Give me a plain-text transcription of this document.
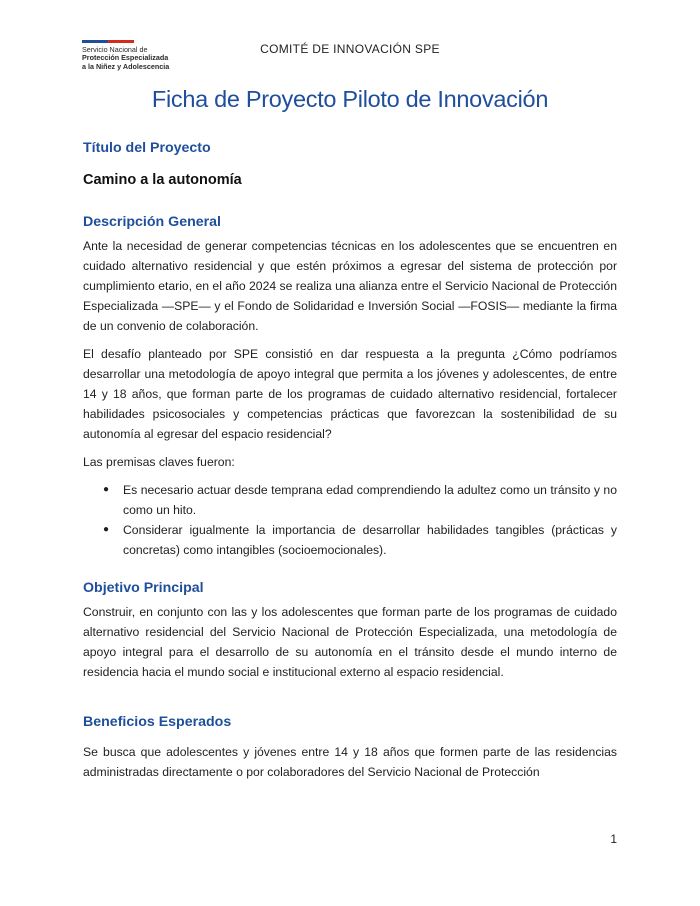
Servicio Nacional de
Protección Especializada
a la Niñez y Adolescencia
COMITÉ DE INNOVACIÓN SPE
Ficha de Proyecto Piloto de Innovación
Título del Proyecto
Camino a la autonomía
Descripción General

Ante la necesidad de generar competencias técnicas en los adolescentes que se encuentren en cuidado alternativo residencial y que estén próximos a egresar del sistema de protección por cumplimiento etario, en el año 2024 se realiza una alianza entre el Servicio Nacional de Protección Especializada —SPE— y el Fondo de Solidaridad e Inversión Social —FOSIS— mediante la firma de un convenio de colaboración.

El desafío planteado por SPE consistió en dar respuesta a la pregunta ¿Cómo podríamos desarrollar una metodología de apoyo integral que permita a los jóvenes y adolescentes, de entre 14 y 18 años, que forman parte de los programas de cuidado alternativo residencial, fortalecer habilidades psicosociales y competencias prácticas que favorezcan la sostenibilidad de su autonomía al egresar del espacio residencial?

Las premisas claves fueron:

● Es necesario actuar desde temprana edad comprendiendo la adultez como un tránsito y no como un hito.
● Considerar igualmente la importancia de desarrollar habilidades tangibles (prácticas y concretas) como intangibles (socioemocionales).
Objetivo Principal

Construir, en conjunto con las y los adolescentes que forman parte de los programas de cuidado alternativo residencial del Servicio Nacional de Protección Especializada, una metodología de apoyo integral para el desarrollo de su autonomía en el tránsito desde el mundo interno de residencia hacia el mundo social e institucional externo al espacio residencial.

Beneficios Esperados

Se busca que adolescentes y jóvenes entre 14 y 18 años que formen parte de las residencias administradas directamente o por colaboradores del Servicio Nacional de Protección

1
